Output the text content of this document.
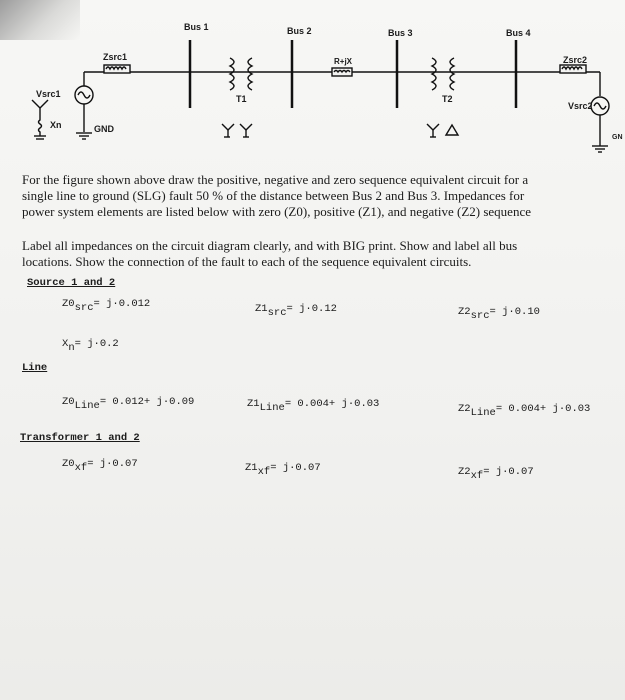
Bus 1	Bus 2	Bus 3	Bus 4
Zsrc1	Zsrc2
R+jX
Vsrc1
Vsrc2
T1	T2
Xn	GND
GN
For the figure shown above draw the positive, negative and zero sequence equivalent circuit for a
single line to ground (SLG) fault 50 % of the distance between Bus 2 and Bus 3. Impedances for
power system elements are listed below with zero (Z0), positive (Z1), and negative (Z2) sequence
Label all impedances on the circuit diagram clearly, and with BIG print. Show and label all bus
locations. Show the connection of the fault to each of the sequence equivalent circuits.
Source 1 and 2
Z0src= j·0.012	Z1src= j·0.12	Z2src= j·0.10
Xn= j·0.2
Line
Z0Line= 0.012+ j·0.09	Z1Line= 0.004+ j·0.03	Z2Line= 0.004+ j·0.03
Transformer 1 and 2
Z0xf= j·0.07	Z1xf= j·0.07	Z2xf= j·0.07
